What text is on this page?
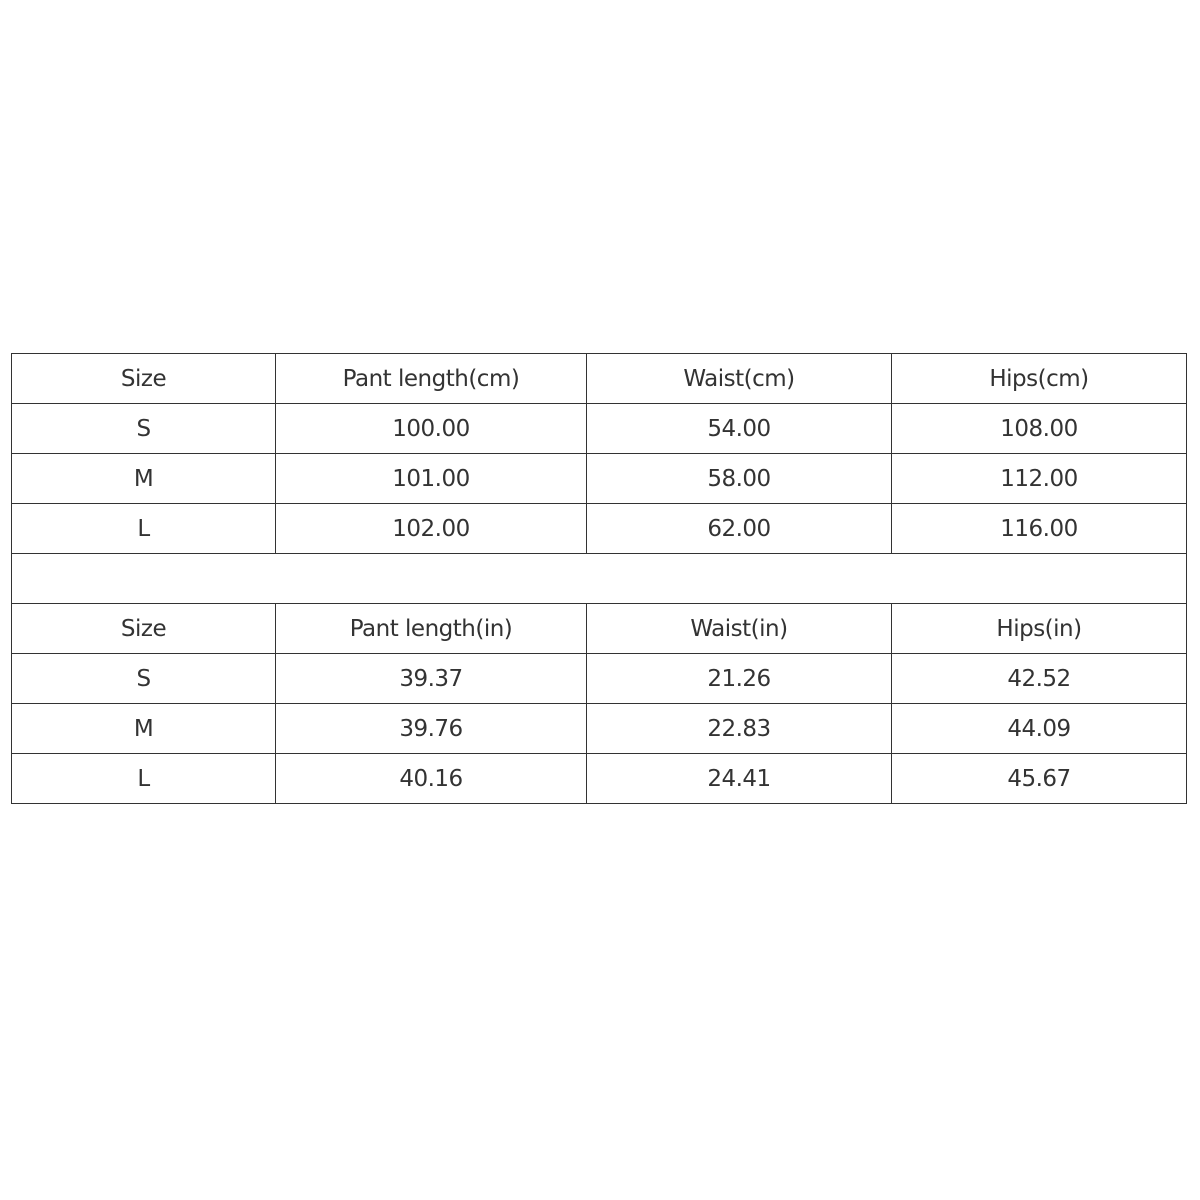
Size	Pant length(cm)	Waist(cm)	Hips(cm)
S	100.00	54.00	108.00
M	101.00	58.00	112.00
L	102.00	62.00	116.00

Size	Pant length(in)	Waist(in)	Hips(in)
S	39.37	21.26	42.52
M	39.76	22.83	44.09
L	40.16	24.41	45.67
